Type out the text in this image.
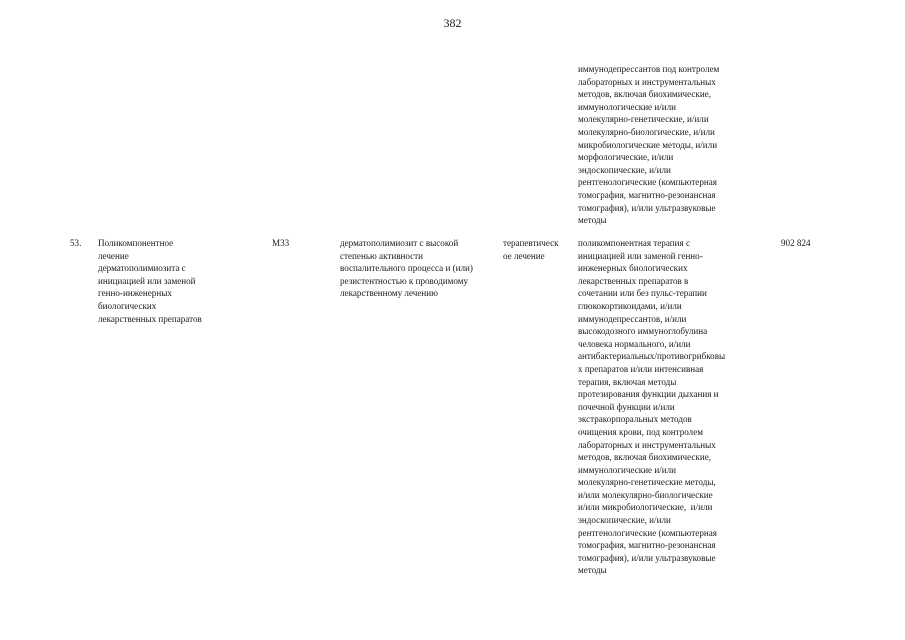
382
иммунодепрессантов под контролем
лабораторных и инструментальных
методов, включая биохимические,
иммунологические и/или
молекулярно-генетические, и/или
молекулярно-биологические, и/или
микробиологические методы, и/или
морфологические, и/или
эндоскопические, и/или
рентгенологические (компьютерная
томография, магнитно-резонансная
томография), и/или ультразвуковые
методы
53. Поликомпонентное
лечение
дерматополимиозита с
инициацией или заменой
генно-инженерных
биологических
лекарственных препаратов
M33	дерматополимиозит с высокой
степенью активности
воспалительного процесса и (или)
резистентностью к проводимому
лекарственному лечению
терапевтическ
ое лечение
поликомпонентная терапия с
инициацией или заменой генно-
инженерных биологических
лекарственных препаратов в
сочетании или без пульс-терапии
глюкокортикоидами, и/или
иммунодепрессантов, и/или
высокодозного иммуноглобулина
человека нормального, и/или
антибактериальных/противогрибковы
х препаратов и/или интенсивная
терапия, включая методы
протезирования функции дыхания и
почечной функции и/или
экстракорпоральных методов
очищения крови, под контролем
лабораторных и инструментальных
методов, включая биохимические,
иммунологические и/или
молекулярно-генетические методы,
и/или молекулярно-биологические
и/или микробиологические,  и/или
эндоскопические, и/или
рентгенологические (компьютерная
томография, магнитно-резонансная
томография), и/или ультразвуковые
методы
902 824
